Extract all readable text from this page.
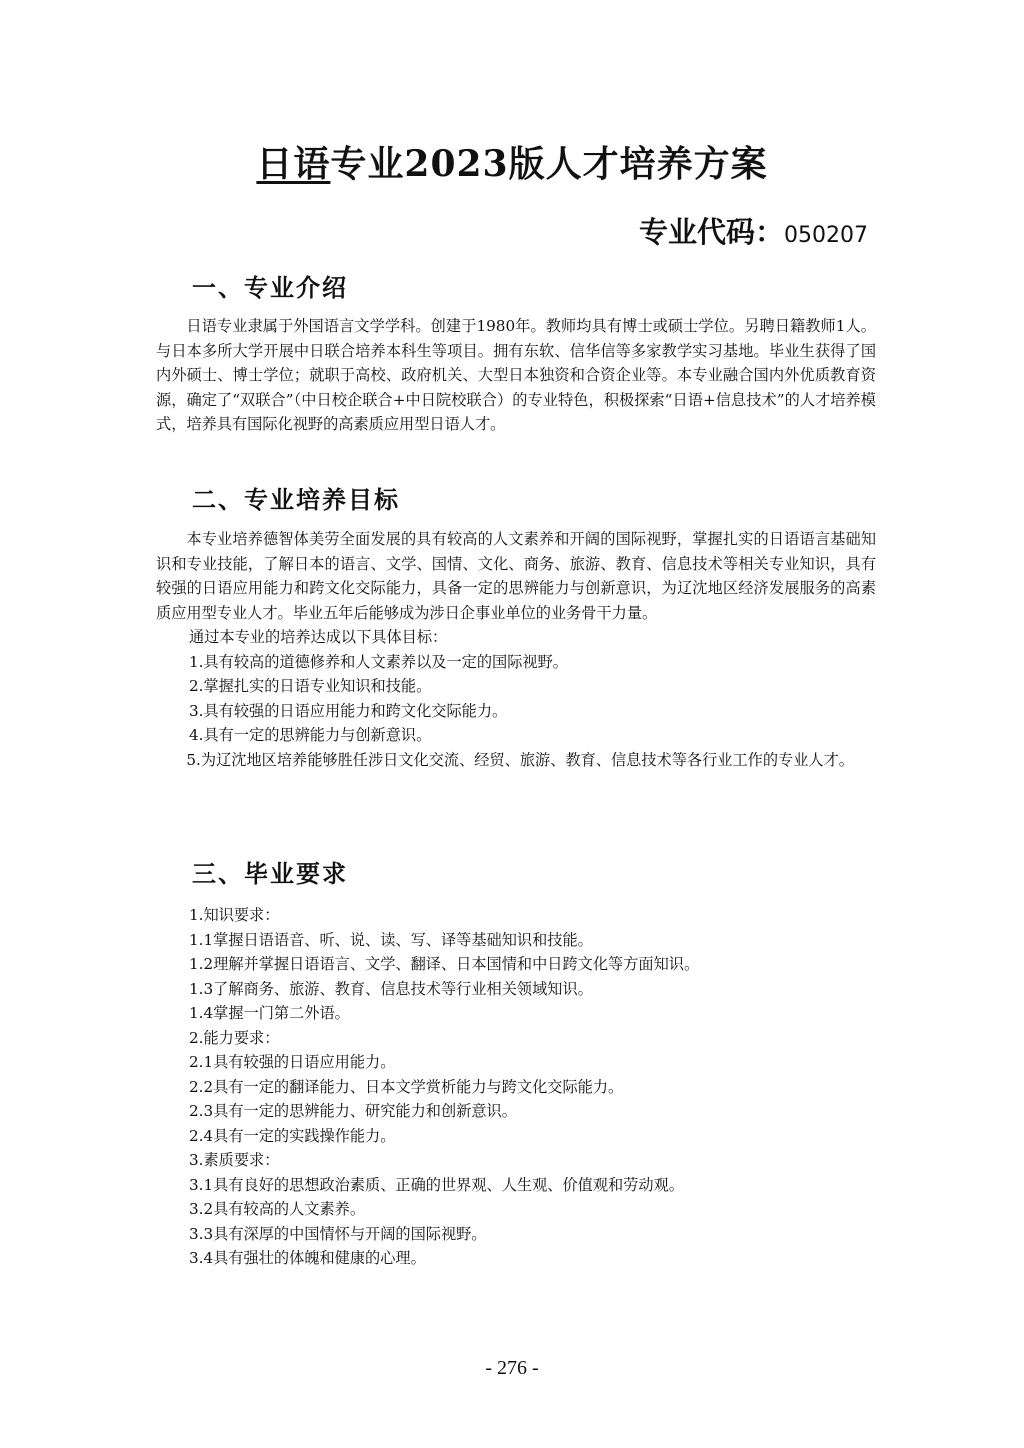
日语专业2023版人才培养方案
专业代码：050207
一、专业介绍

日语专业隶属于外国语言文学学科。创建于1980年。教师均具有博士或硕士学位。另聘日籍教师1人。与日本多所大学开展中日联合培养本科生等项目。拥有东软、信华信等多家教学实习基地。毕业生获得了国内外硕士、博士学位；就职于高校、政府机关、大型日本独资和合资企业等。本专业融合国内外优质教育资源，确定了“双联合”（中日校企联合+中日院校联合）的专业特色，积极探索“日语+信息技术”的人才培养模式，培养具有国际化视野的高素质应用型日语人才。

二、专业培养目标

本专业培养德智体美劳全面发展的具有较高的人文素养和开阔的国际视野，掌握扎实的日语语言基础知识和专业技能，了解日本的语言、文学、国情、文化、商务、旅游、教育、信息技术等相关专业知识，具有较强的日语应用能力和跨文化交际能力，具备一定的思辨能力与创新意识，为辽沈地区经济发展服务的高素质应用型专业人才。毕业五年后能够成为涉日企事业单位的业务骨干力量。

通过本专业的培养达成以下具体目标：

1.具有较高的道德修养和人文素养以及一定的国际视野。

2.掌握扎实的日语专业知识和技能。

3.具有较强的日语应用能力和跨文化交际能力。

4.具有一定的思辨能力与创新意识。

5.为辽沈地区培养能够胜任涉日文化交流、经贸、旅游、教育、信息技术等各行业工作的专业人才。

三、毕业要求

1.知识要求：

1.1掌握日语语音、听、说、读、写、译等基础知识和技能。

1.2理解并掌握日语语言、文学、翻译、日本国情和中日跨文化等方面知识。

1.3了解商务、旅游、教育、信息技术等行业相关领域知识。

1.4掌握一门第二外语。

2.能力要求：

2.1具有较强的日语应用能力。

2.2具有一定的翻译能力、日本文学赏析能力与跨文化交际能力。

2.3具有一定的思辨能力、研究能力和创新意识。

2.4具有一定的实践操作能力。

3.素质要求：

3.1具有良好的思想政治素质、正确的世界观、人生观、价值观和劳动观。

3.2具有较高的人文素养。

3.3具有深厚的中国情怀与开阔的国际视野。

3.4具有强壮的体魄和健康的心理。

- 276 -
